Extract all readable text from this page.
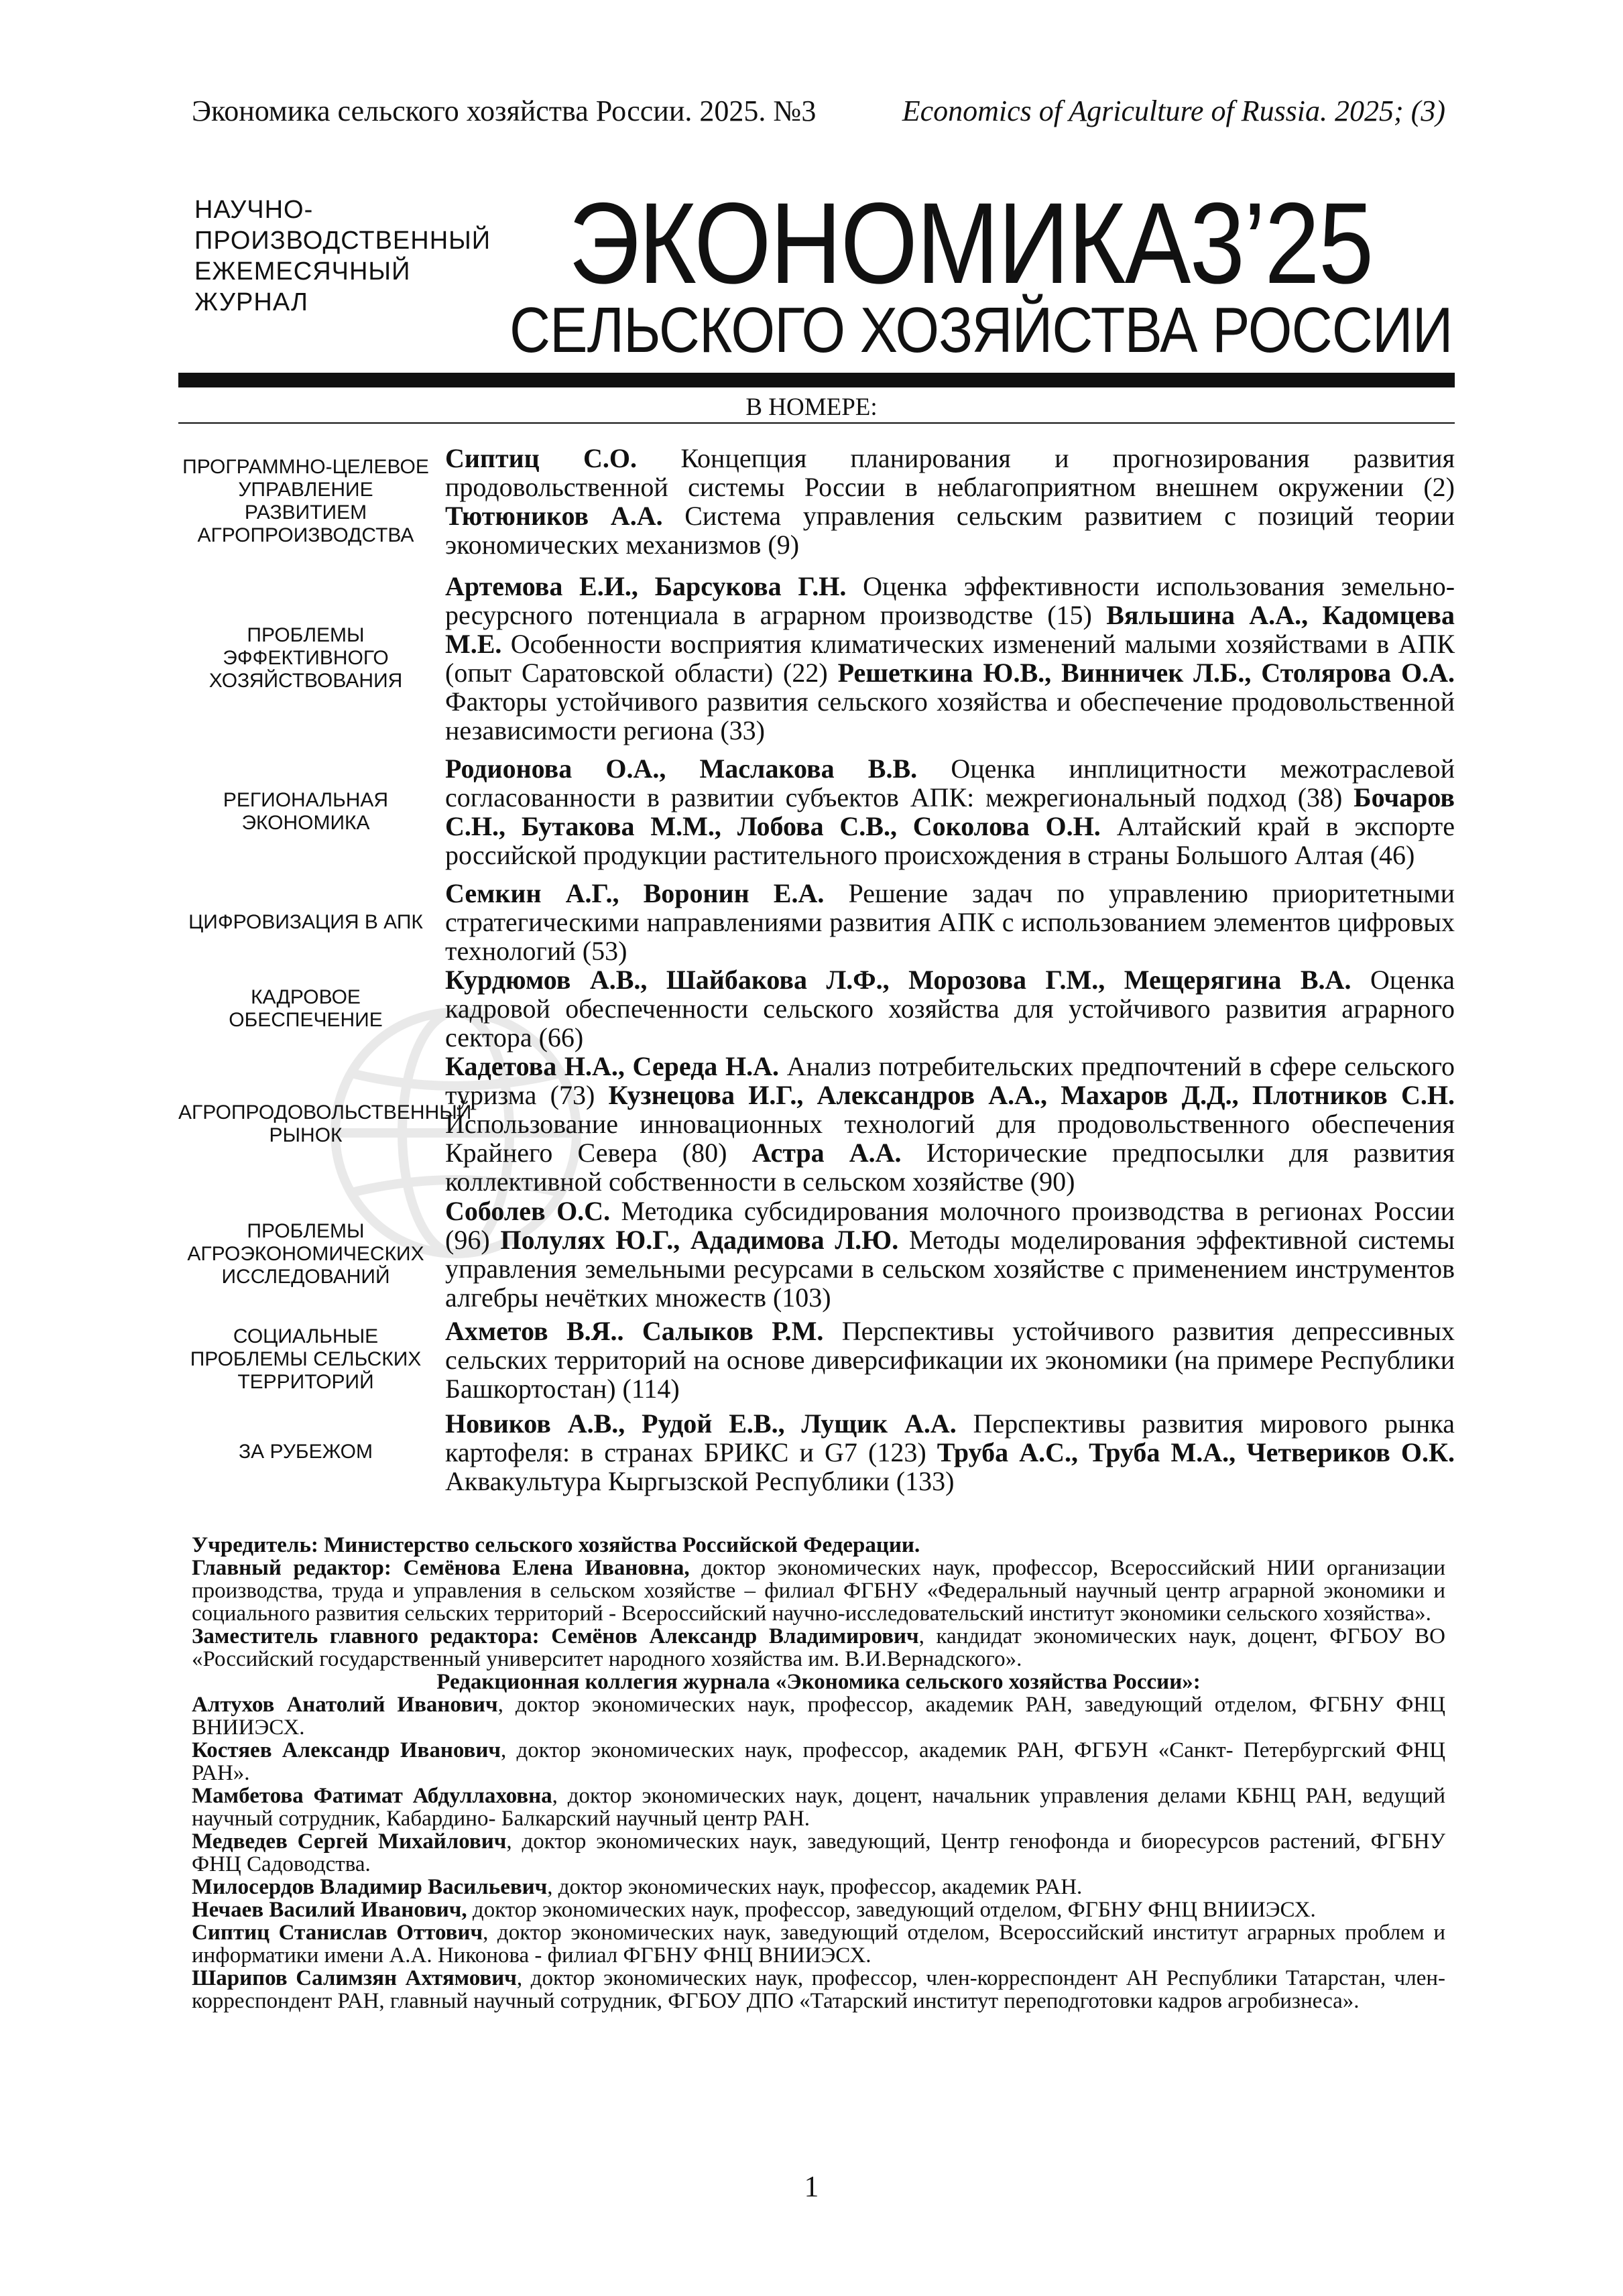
Экономика сельского хозяйства России. 2025. №3	Economics of Agriculture of Russia. 2025; (3)
НАУЧНО-
ПРОИЗВОДСТВЕННЫЙ
ЕЖЕМЕСЯЧНЫЙ
ЖУРНАЛ	ЭКОНОМИКА 3’25
СЕЛЬСКОГО ХОЗЯЙСТВА РОССИИ
В НОМЕРЕ:
ПРОГРАММНО-ЦЕЛЕВОЕ УПРАВЛЕНИЕ РАЗВИТИЕМ АГРОПРОИЗВОДСТВА
Сиптиц С.О. Концепция планирования и прогнозирования развития продовольственной системы России в неблагоприятном внешнем окружении (2) Тютюников А.А. Система управления сельским развитием с позиций теории экономических механизмов (9)
ПРОБЛЕМЫ ЭФФЕКТИВНОГО ХОЗЯЙСТВОВАНИЯ
Артемова Е.И., Барсукова Г.Н. Оценка эффективности использования земельно-ресурсного потенциала в аграрном производстве (15) Вяльшина А.А., Кадомцева М.Е. Особенности восприятия климатических изменений малыми хозяйствами в АПК (опыт Саратовской области) (22) Решеткина Ю.В., Винничек Л.Б., Столярова О.А. Факторы устойчивого развития сельского хозяйства и обеспечение продовольственной независимости региона (33)
РЕГИОНАЛЬНАЯ ЭКОНОМИКА
Родионова О.А., Маслакова В.В. Оценка инплицитности межотраслевой согласованности в развитии субъектов АПК: межрегиональный подход (38) Бочаров С.Н., Бутакова М.М., Лобова С.В., Соколова О.Н. Алтайский край в экспорте российской продукции растительного происхождения в страны Большого Алтая (46)
ЦИФРОВИЗАЦИЯ В АПК
Семкин А.Г., Воронин Е.А. Решение задач по управлению приоритетными стратегическими направлениями развития АПК с использованием элементов цифровых технологий (53)
КАДРОВОЕ ОБЕСПЕЧЕНИЕ
Курдюмов А.В., Шайбакова Л.Ф., Морозова Г.М., Мещерягина В.А. Оценка кадровой обеспеченности сельского хозяйства для устойчивого развития аграрного сектора (66)
АГРОПРОДОВОЛЬСТВЕННЫЙ РЫНОК
Кадетова Н.А., Середа Н.А. Анализ потребительских предпочтений в сфере сельского туризма (73) Кузнецова И.Г., Александров А.А., Махаров Д.Д., Плотников С.Н. Использование инновационных технологий для продовольственного обеспечения Крайнего Севера (80) Астра А.А. Исторические предпосылки для развития коллективной собственности в сельском хозяйстве (90)
ПРОБЛЕМЫ АГРОЭКОНОМИЧЕСКИХ ИССЛЕДОВАНИЙ
Соболев О.С. Методика субсидирования молочного производства в регионах России (96) Полулях Ю.Г., Ададимова Л.Ю. Методы моделирования эффективной системы управления земельными ресурсами в сельском хозяйстве с применением инструментов алгебры нечётких множеств (103)
СОЦИАЛЬНЫЕ ПРОБЛЕМЫ СЕЛЬСКИХ ТЕРРИТОРИЙ
Ахметов В.Я.. Салыков Р.М. Перспективы устойчивого развития депрессивных сельских территорий на основе диверсификации их экономики (на примере Республики Башкортостан) (114)
ЗА РУБЕЖОМ
Новиков А.В., Рудой Е.В., Лущик А.А. Перспективы развития мирового рынка картофеля: в странах БРИКС и G7 (123) Труба А.С., Труба М.А., Четвериков О.К. Аквакультура Кыргызской Республики (133)

Учредитель: Министерство сельского хозяйства Российской Федерации.

Главный редактор: Семёнова Елена Ивановна, доктор экономических наук, профессор, Всероссийский НИИ организации производства, труда и управления в сельском хозяйстве – филиал ФГБНУ «Федеральный научный центр аграрной экономики и социального развития сельских территорий - Всероссийский научно-исследовательский институт экономики сельского хозяйства».

Заместитель главного редактора: Семёнов Александр Владимирович, кандидат экономических наук, доцент, ФГБОУ ВО «Российский государственный университет народного хозяйства им. В.И.Вернадского».

Редакционная коллегия журнала «Экономика сельского хозяйства России»:

Алтухов Анатолий Иванович, доктор экономических наук, профессор, академик РАН, заведующий отделом, ФГБНУ ФНЦ ВНИИЭСХ.

Костяев Александр Иванович, доктор экономических наук, профессор, академик РАН, ФГБУН «Санкт- Петербургский ФНЦ РАН».

Мамбетова Фатимат Абдуллаховна, доктор экономических наук, доцент, начальник управления делами КБНЦ РАН, ведущий научный сотрудник, Кабардино- Балкарский научный центр РАН.

Медведев Сергей Михайлович, доктор экономических наук, заведующий, Центр генофонда и биоресурсов растений, ФГБНУ ФНЦ Садоводства.

Милосердов Владимир Васильевич, доктор экономических наук, профессор, академик РАН.

Нечаев Василий Иванович, доктор экономических наук, профессор, заведующий отделом, ФГБНУ ФНЦ ВНИИЭСХ.

Сиптиц Станислав Оттович, доктор экономических наук, заведующий отделом, Всероссийский институт аграрных проблем и информатики имени А.А. Никонова - филиал ФГБНУ ФНЦ ВНИИЭСХ.

Шарипов Салимзян Ахтямович, доктор экономических наук, профессор, член-корреспондент АН Республики Татарстан, член-корреспондент РАН, главный научный сотрудник, ФГБОУ ДПО «Татарский институт переподготовки кадров агробизнеса».

1
